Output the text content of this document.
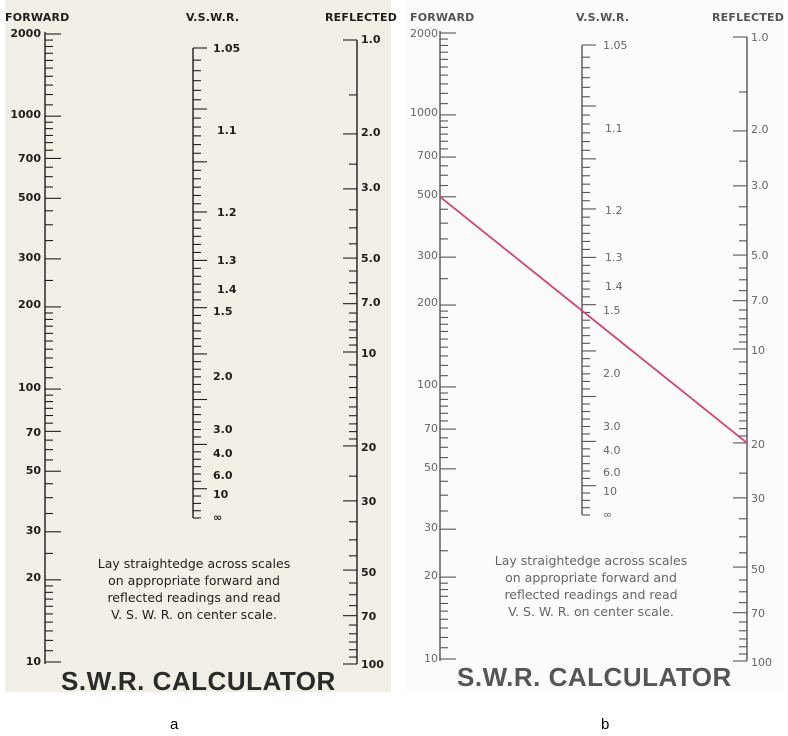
FORWARD	V.S.W.R.	REFLECTED
2000
1000
700
500
300
200
100
70
50
30
20
10
1.05
1.1
1.2
1.3
1.4
1.5
2.0
3.0
4.0
6.0
10
∞
1.0
2.0
3.0
5.0
7.0
10
20
30
50
70
100
Lay straightedge across scales
on appropriate forward and
reflected readings and read
V. S. W. R. on center scale.
S.W.R. CALCULATOR
FORWARD	V.S.W.R.	REFLECTED
2000
1000
700
500
300
200
100
70
50
30
20
10
1.05
1.1
1.2
1.3
1.4
1.5
2.0
3.0
4.0
6.0
10
∞
1.0
2.0
3.0
5.0
7.0
10
20
30
50
70
100
Lay straightedge across scales
on appropriate forward and
reflected readings and read
V. S. W. R. on center scale.
S.W.R. CALCULATOR
a	b
